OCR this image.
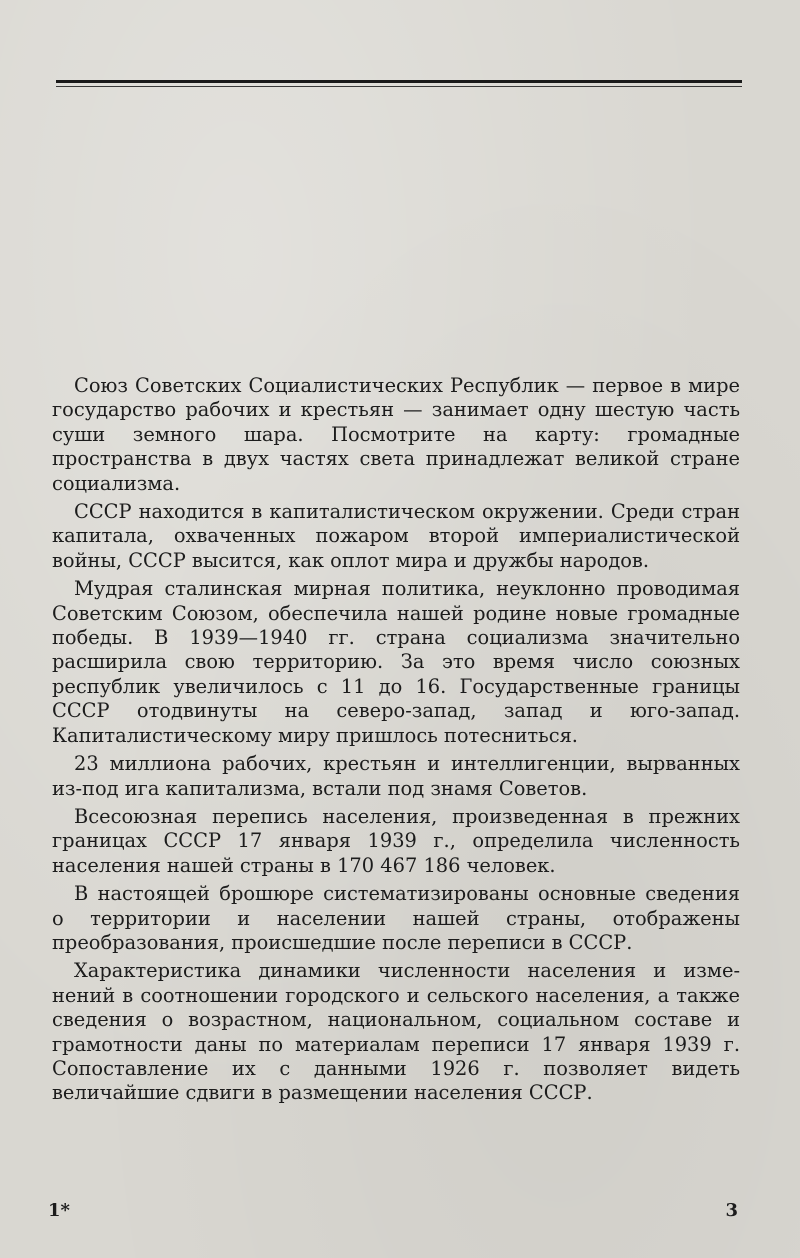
Союз Советских Социалистических Республик — первое в мире государство рабочих и крестьян — занимает одну шестую часть суши земного шара. Посмотрите на карту: громадные пространства в двух частях света принадлежат великой стране социализма.

СССР находится в капиталистическом окружении. Среди стран капитала, охваченных пожаром второй империалистической войны, СССР высится, как оплот мира и дружбы народов.

Мудрая сталинская мирная политика, неуклонно проводимая Советским Союзом, обеспечила нашей родине новые громадные победы. В 1939—1940 гг. страна социализма значительно расширила свою территорию. За это время число союзных республик увеличилось с 11 до 16. Государственные границы СССР отодвинуты на северо-запад, запад и юго-запад. Капиталистическому миру пришлось потесниться.

23 миллиона рабочих, крестьян и интеллигенции, вырванных из-под ига капитализма, встали под знамя Советов.

Всесоюзная перепись населения, произведенная в прежних границах СССР 17 января 1939 г., определила численность населения нашей страны в 170 467 186 человек.

В настоящей брошюре систематизированы основные сведения о территории и населении нашей страны, отображены преобразования, происшедшие после переписи в СССР.

Характеристика динамики численности населения и изменений в соотношении городского и сельского населения, а также сведения о возрастном, национальном, социальном составе и грамотности даны по материалам переписи 17 января 1939 г. Сопоставление их с данными 1926 г. позволяет видеть величайшие сдвиги в размещении населения СССР.

1*	3
